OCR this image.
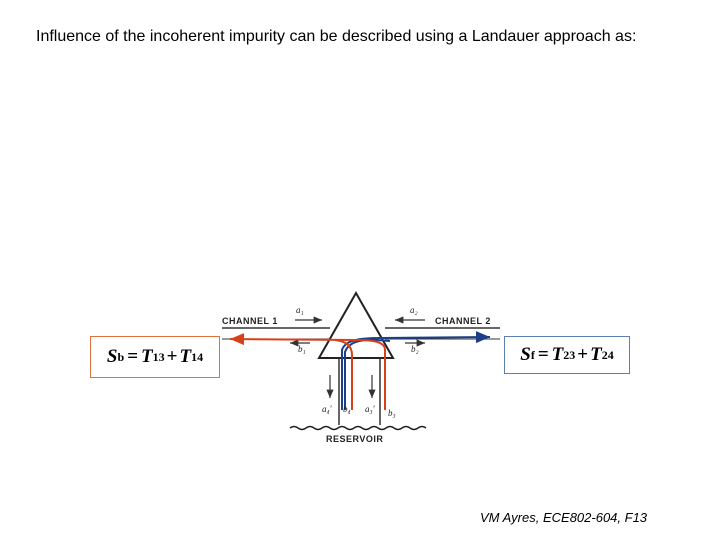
Influence of the incoherent impurity can be described using a Landauer approach as:
CHANNEL 1	CHANNEL 2
RESERVOIR
a₁	a₂
b₁	b₂
a₄' b₄ a₃' b₃
S b = T 13 + T 14	S f = T 23 + T 24
VM Ayres, ECE802-604, F13
